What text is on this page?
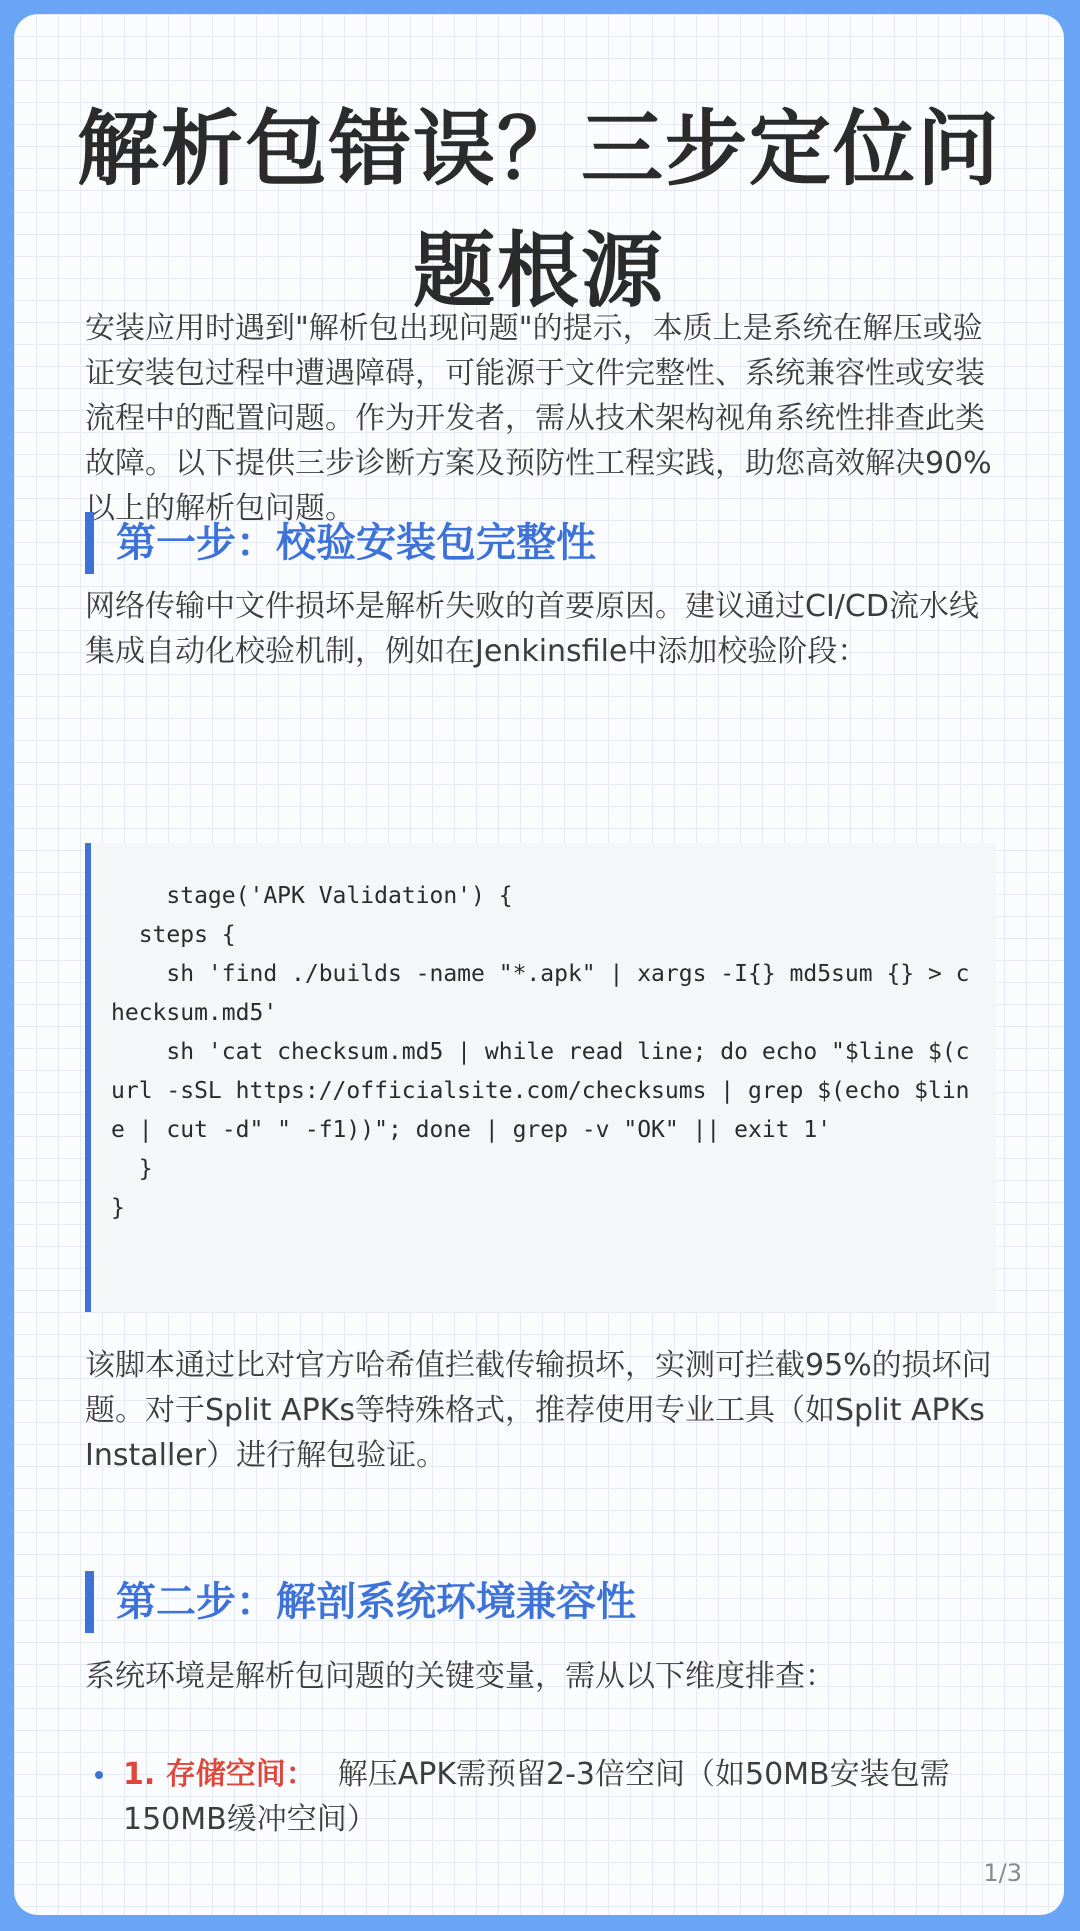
解析包错误？三步定位问题根源

安装应用时遇到"解析包出现问题"的提示，本质上是系统在解压或验证安装包过程中遭遇障碍，可能源于文件完整性、系统兼容性或安装流程中的配置问题。作为开发者，需从技术架构视角系统性排查此类故障。以下提供三步诊断方案及预防性工程实践，助您高效解决90%以上的解析包问题。

第一步：校验安装包完整性

网络传输中文件损坏是解析失败的首要原因。建议通过CI/CD流水线集成自动化校验机制，例如在Jenkinsfile中添加校验阶段：

stage('APK Validation') {
steps {
sh 'find ./builds -name "*.apk" | xargs -I{} md5sum {} > checksum.md5'
sh 'cat checksum.md5 | while read line; do echo "$line $(curl -sSL https://officialsite.com/checksums | grep $(echo $line | cut -d" " -f1))"; done | grep -v "OK" || exit 1'
}
}

该脚本通过比对官方哈希值拦截传输损坏，实测可拦截95%的损坏问题。对于Split APKs等特殊格式，推荐使用专业工具（如Split APKs Installer）进行解包验证。

第二步：解剖系统环境兼容性

系统环境是解析包问题的关键变量，需从以下维度排查：

1. 存储空间： 解压APK需预留2-3倍空间（如50MB安装包需150MB缓冲空间）
1/3
